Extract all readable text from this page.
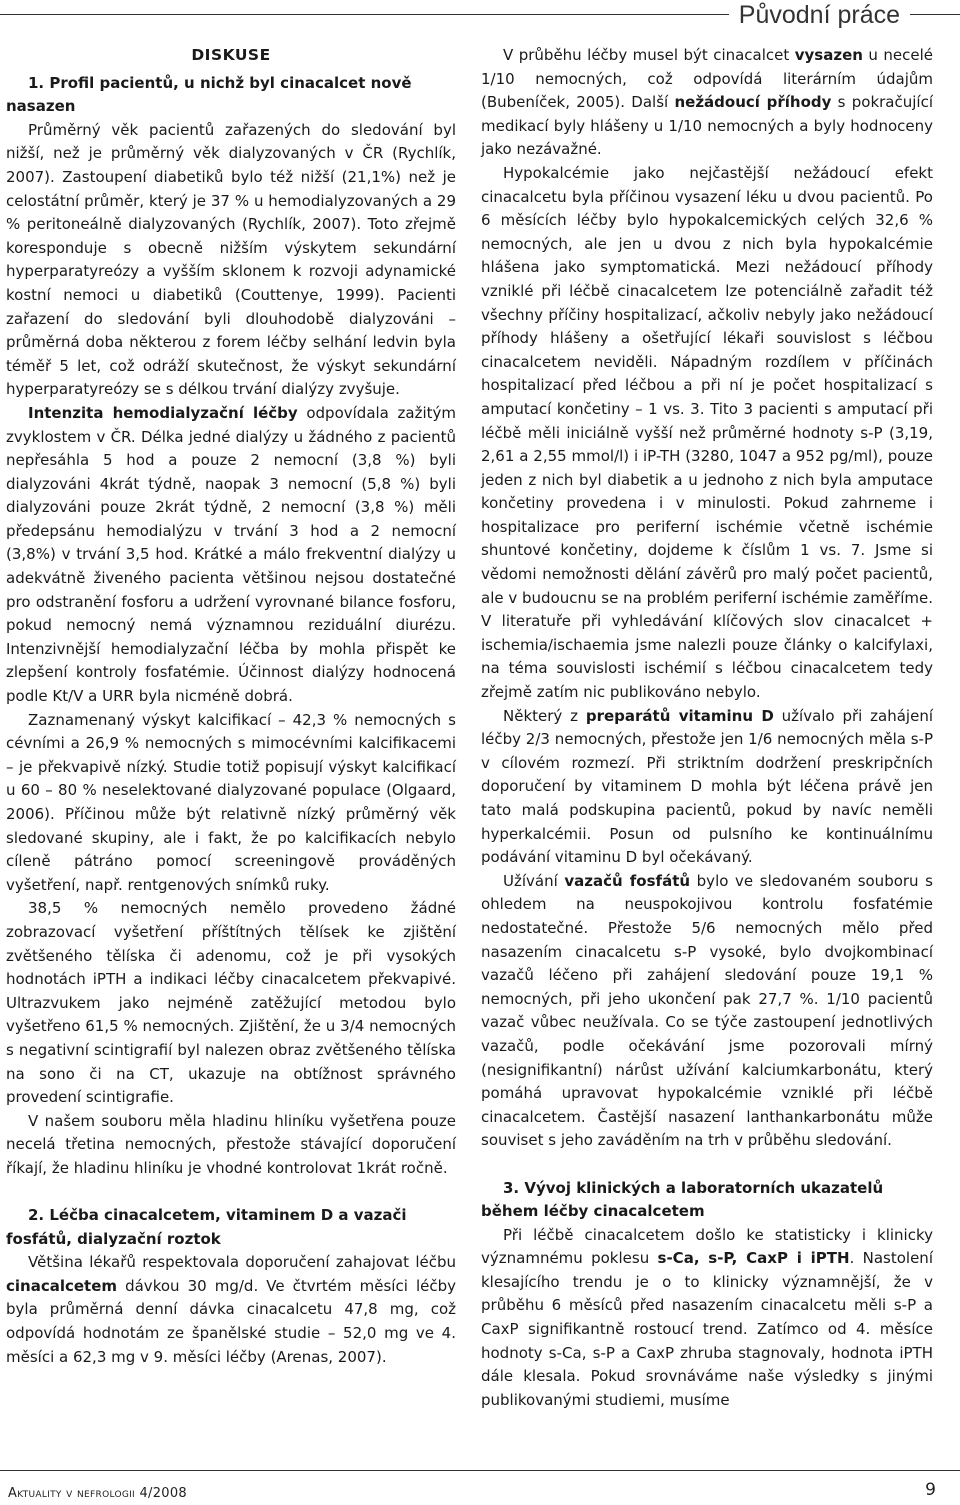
Původní práce
DISKUSE
1. Profil pacientů, u nichž byl cinacalcet nově nasazen

Průměrný věk pacientů zařazených do sledování byl nižší, než je průměrný věk dialyzovaných v ČR (Rychlík, 2007). Zastoupení diabetiků bylo též nižší (21,1%) než je celostátní průměr, který je 37 % u hemodialyzovaných a 29 % peritoneálně dialyzovaných (Rychlík, 2007). Toto zřejmě koresponduje s obecně nižším výskytem sekundární hyperparatyreózy a vyšším sklonem k rozvoji adynamické kostní nemoci u diabetiků (Couttenye, 1999). Pacienti zařazení do sledování byli dlouhodobě dialyzováni – průměrná doba některou z forem léčby selhání ledvin byla téměř 5 let, což odráží skutečnost, že výskyt sekundární hyperparatyreózy se s délkou trvání dialýzy zvyšuje.

Intenzita hemodialyzační léčby odpovídala zažitým zvyklostem v ČR. Délka jedné dialýzy u žádného z pacientů nepřesáhla 5 hod a pouze 2 nemocní (3,8 %) byli dialyzováni 4krát týdně, naopak 3 nemocní (5,8 %) byli dialyzováni pouze 2krát týdně, 2 nemocní (3,8 %) měli předepsánu hemodialýzu v trvání 3 hod a 2 nemocní (3,8%) v trvání 3,5 hod. Krátké a málo frekventní dialýzy u adekvátně živeného pacienta většinou nejsou dostatečné pro odstranění fosforu a udržení vyrovnané bilance fosforu, pokud nemocný nemá významnou reziduální diurézu. Intenzivnější hemodialyzační léčba by mohla přispět ke zlepšení kontroly fosfatémie. Účinnost dialýzy hodnocená podle Kt/V a URR byla nicméně dobrá.

Zaznamenaný výskyt kalcifikací – 42,3 % nemocných s cévními a 26,9 % nemocných s mimocévními kalcifikacemi – je překvapivě nízký. Studie totiž popisují výskyt kalcifikací u 60 – 80 % neselektované dialyzované populace (Olgaard, 2006). Příčinou může být relativně nízký průměrný věk sledované skupiny, ale i fakt, že po kalcifikacích nebylo cíleně pátráno pomocí screeningově prováděných vyšetření, např. rentgenových snímků ruky.

38,5 % nemocných nemělo provedeno žádné zobrazovací vyšetření příštítných tělísek ke zjištění zvětšeného tělíska či adenomu, což je při vysokých hodnotách iPTH a indikaci léčby cinacalcetem překvapivé. Ultrazvukem jako nejméně zatěžující metodou bylo vyšetřeno 61,5 % nemocných. Zjištění, že u 3/4 nemocných s negativní scintigrafií byl nalezen obraz zvětšeného tělíska na sono či na CT, ukazuje na obtížnost správného provedení scintigrafie.

V našem souboru měla hladinu hliníku vyšetřena pouze necelá třetina nemocných, přestože stávající doporučení říkají, že hladinu hliníku je vhodné kontrolovat 1krát ročně.

2. Léčba cinacalcetem, vitaminem D a vazači fosfátů, dialyzační roztok

Většina lékařů respektovala doporučení zahajovat léčbu cinacalcetem dávkou 30 mg/d. Ve čtvrtém měsíci léčby byla průměrná denní dávka cinacalcetu 47,8 mg, což odpovídá hodnotám ze španělské studie – 52,0 mg ve 4. měsíci a 62,3 mg v 9. měsíci léčby (Arenas, 2007).

V průběhu léčby musel být cinacalcet vysazen u necelé 1/10 nemocných, což odpovídá literárním údajům (Bubeníček, 2005). Další nežádoucí příhody s pokračující medikací byly hlášeny u 1/10 nemocných a byly hodnoceny jako nezávažné.

Hypokalcémie jako nejčastější nežádoucí efekt cinacalcetu byla příčinou vysazení léku u dvou pacientů. Po 6 měsících léčby bylo hypokalcemických celých 32,6 % nemocných, ale jen u dvou z nich byla hypokalcémie hlášena jako symptomatická. Mezi nežádoucí příhody vzniklé při léčbě cinacalcetem lze potenciálně zařadit též všechny příčiny hospitalizací, ačkoliv nebyly jako nežádoucí příhody hlášeny a ošetřující lékaři souvislost s léčbou cinacalcetem neviděli. Nápadným rozdílem v příčinách hospitalizací před léčbou a při ní je počet hospitalizací s amputací končetiny – 1 vs. 3. Tito 3 pacienti s amputací při léčbě měli iniciálně vyšší než průměrné hodnoty s-P (3,19, 2,61 a 2,55 mmol/l) i iP-TH (3280, 1047 a 952 pg/ml), pouze jeden z nich byl diabetik a u jednoho z nich byla amputace končetiny provedena i v minulosti. Pokud zahrneme i hospitalizace pro periferní ischémie včetně ischémie shuntové končetiny, dojdeme k číslům 1 vs. 7. Jsme si vědomi nemožnosti dělání závěrů pro malý počet pacientů, ale v budoucnu se na problém periferní ischémie zaměříme. V literatuře při vyhledávání klíčových slov cinacalcet + ischemia/ischaemia jsme nalezli pouze články o kalcifylaxi, na téma souvislosti ischémií s léčbou cinacalcetem tedy zřejmě zatím nic publikováno nebylo.

Některý z preparátů vitaminu D užívalo při zahájení léčby 2/3 nemocných, přestože jen 1/6 nemocných měla s-P v cílovém rozmezí. Při striktním dodržení preskripčních doporučení by vitaminem D mohla být léčena právě jen tato malá podskupina pacientů, pokud by navíc neměli hyperkalcémii. Posun od pulsního ke kontinuálnímu podávání vitaminu D byl očekávaný.

Užívání vazačů fosfátů bylo ve sledovaném souboru s ohledem na neuspokojivou kontrolu fosfatémie nedostatečné. Přestože 5/6 nemocných mělo před nasazením cinacalcetu s-P vysoké, bylo dvojkombinací vazačů léčeno při zahájení sledování pouze 19,1 % nemocných, při jeho ukončení pak 27,7 %. 1/10 pacientů vazač vůbec neužívala. Co se týče zastoupení jednotlivých vazačů, podle očekávání jsme pozorovali mírný (nesignifikantní) nárůst užívání kalciumkarbonátu, který pomáhá upravovat hypokalcémie vzniklé při léčbě cinacalcetem. Častější nasazení lanthankarbonátu může souviset s jeho zaváděním na trh v průběhu sledování.

3. Vývoj klinických a laboratorních ukazatelů během léčby cinacalcetem

Při léčbě cinacalcetem došlo ke statisticky i klinicky významnému poklesu s-Ca, s-P, CaxP i iPTH. Nastolení klesajícího trendu je o to klinicky významnější, že v průběhu 6 měsíců před nasazením cinacalcetu měli s-P a CaxP signifikantně rostoucí trend. Zatímco od 4. měsíce hodnoty s-Ca, s-P a CaxP zhruba stagnovaly, hodnota iPTH dále klesala. Pokud srovnáváme naše výsledky s jinými publikovanými studiemi, musíme

Aktuality v nefrologii 4/2008	9
